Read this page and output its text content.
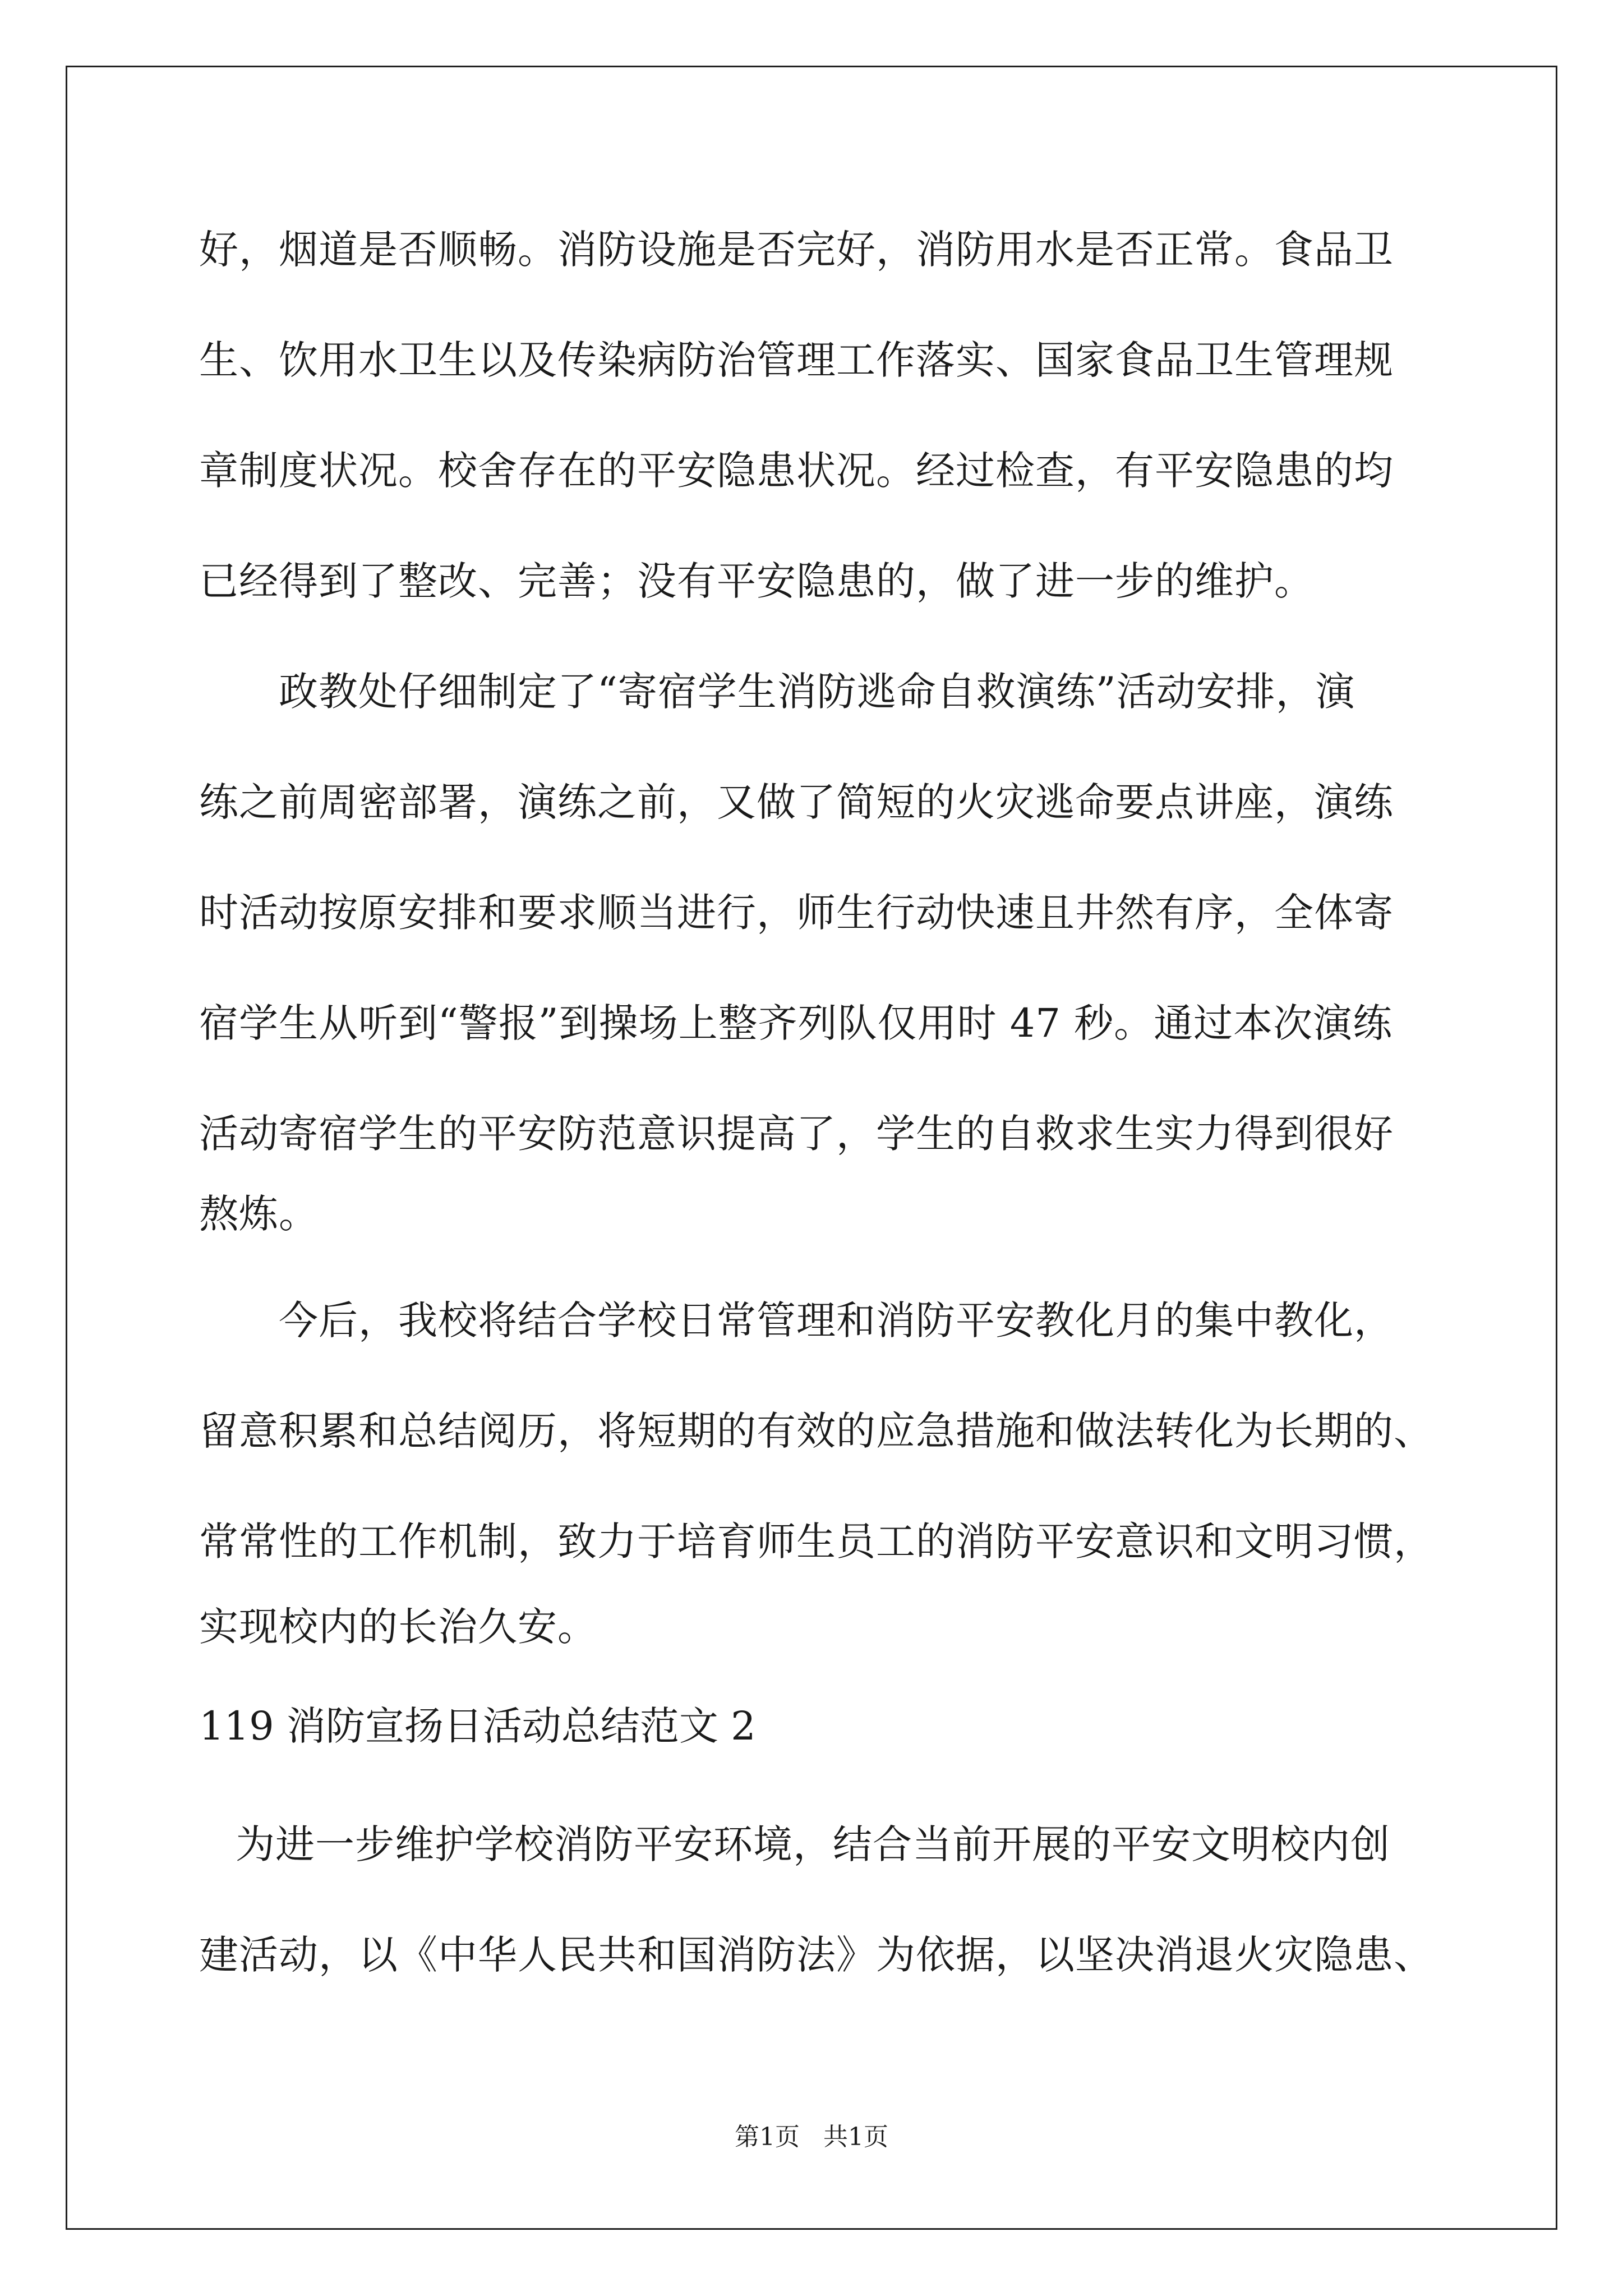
好，烟道是否顺畅。消防设施是否完好，消防用水是否正常。食品卫

生、饮用水卫生以及传染病防治管理工作落实、国家食品卫生管理规

章制度状况。校舍存在的平安隐患状况。经过检查，有平安隐患的均

已经得到了整改、完善；没有平安隐患的，做了进一步的维护。

政教处仔细制定了“寄宿学生消防逃命自救演练”活动安排，演

练之前周密部署，演练之前，又做了简短的火灾逃命要点讲座，演练

时活动按原安排和要求顺当进行，师生行动快速且井然有序，全体寄

宿学生从听到“警报”到操场上整齐列队仅用时 47 秒。通过本次演练

活动寄宿学生的平安防范意识提高了，学生的自救求生实力得到很好

熬炼。

今后，我校将结合学校日常管理和消防平安教化月的集中教化，

留意积累和总结阅历，将短期的有效的应急措施和做法转化为长期的、

常常性的工作机制，致力于培育师生员工的消防平安意识和文明习惯，

实现校内的长治久安。

119 消防宣扬日活动总结范文 2

为进一步维护学校消防平安环境，结合当前开展的平安文明校内创

建活动，以《中华人民共和国消防法》为依据，以坚决消退火灾隐患、

第1页   共1页
